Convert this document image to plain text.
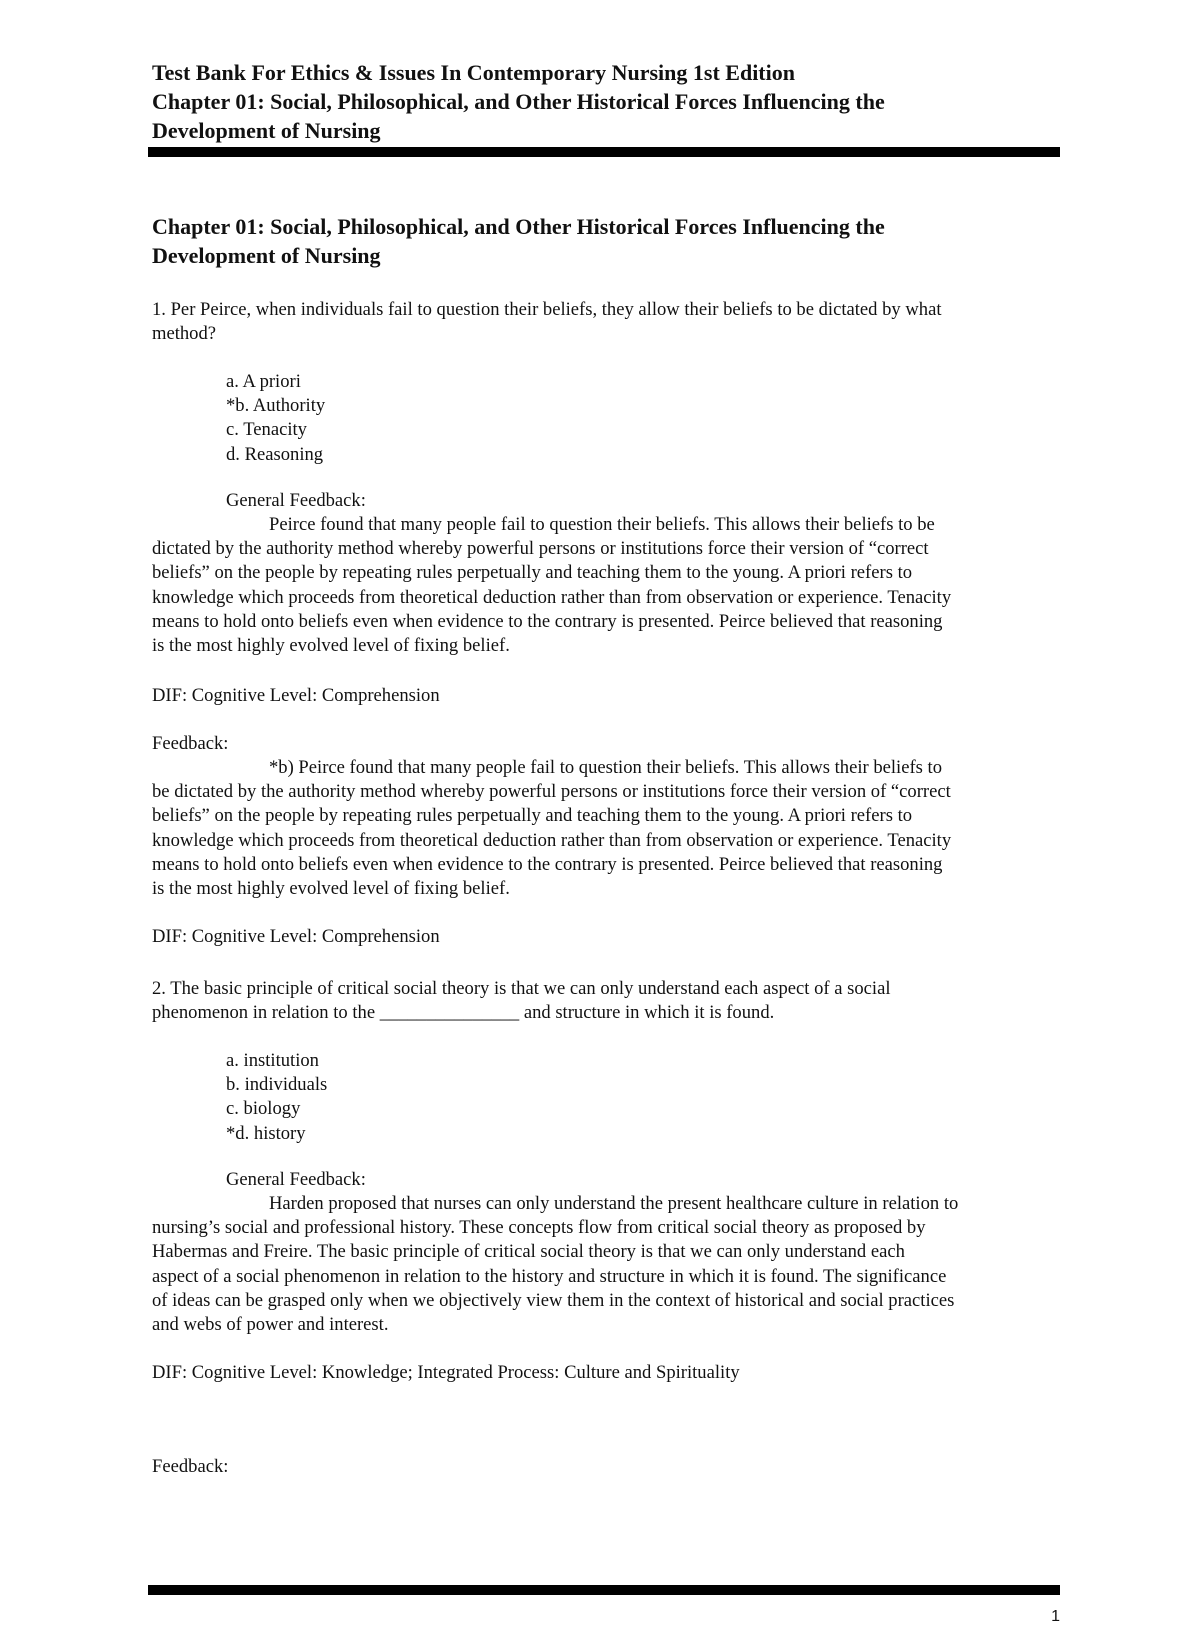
Test Bank For Ethics & Issues In Contemporary Nursing 1st Edition
Chapter 01: Social, Philosophical, and Other Historical Forces Influencing the
Development of Nursing
Chapter 01: Social, Philosophical, and Other Historical Forces Influencing the
Development of Nursing
1. Per Peirce, when individuals fail to question their beliefs, they allow their beliefs to be dictated by what
method?
a. A priori
*b. Authority
c. Tenacity
d. Reasoning
General Feedback:
Peirce found that many people fail to question their beliefs. This allows their beliefs to be
dictated by the authority method whereby powerful persons or institutions force their version of “correct
beliefs” on the people by repeating rules perpetually and teaching them to the young. A priori refers to
knowledge which proceeds from theoretical deduction rather than from observation or experience. Tenacity
means to hold onto beliefs even when evidence to the contrary is presented. Peirce believed that reasoning
is the most highly evolved level of fixing belief.
DIF: Cognitive Level: Comprehension
Feedback:
*b) Peirce found that many people fail to question their beliefs. This allows their beliefs to
be dictated by the authority method whereby powerful persons or institutions force their version of “correct
beliefs” on the people by repeating rules perpetually and teaching them to the young. A priori refers to
knowledge which proceeds from theoretical deduction rather than from observation or experience. Tenacity
means to hold onto beliefs even when evidence to the contrary is presented. Peirce believed that reasoning
is the most highly evolved level of fixing belief.
DIF: Cognitive Level: Comprehension
2. The basic principle of critical social theory is that we can only understand each aspect of a social
phenomenon in relation to the _______________ and structure in which it is found.
a. institution
b. individuals
c. biology
*d. history
General Feedback:
Harden proposed that nurses can only understand the present healthcare culture in relation to
nursing’s social and professional history. These concepts flow from critical social theory as proposed by
Habermas and Freire. The basic principle of critical social theory is that we can only understand each
aspect of a social phenomenon in relation to the history and structure in which it is found. The significance
of ideas can be grasped only when we objectively view them in the context of historical and social practices
and webs of power and interest.
DIF: Cognitive Level: Knowledge; Integrated Process: Culture and Spirituality
Feedback:
1
